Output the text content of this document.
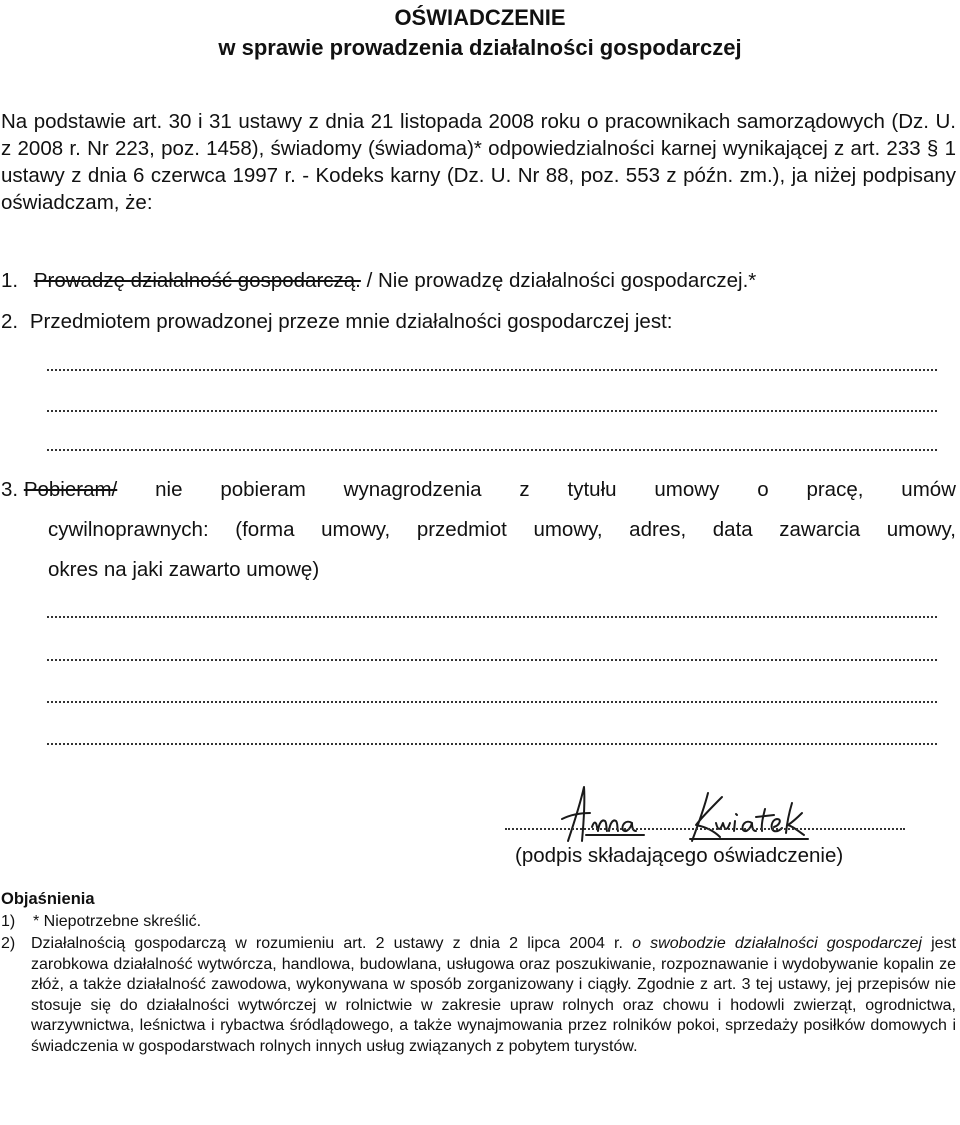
OŚWIADCZENIE
w sprawie prowadzenia działalności gospodarczej

Na podstawie art. 30 i 31 ustawy z dnia 21 listopada 2008 roku o pracownikach samorządowych (Dz. U. z 2008 r. Nr 223, poz. 1458), świadomy (świadoma)* odpowiedzialności karnej wynikającej z art. 233 § 1 ustawy z dnia 6 czerwca 1997 r. - Kodeks karny (Dz. U. Nr 88, poz. 553 z późn. zm.), ja niżej podpisany oświadczam, że:

1. Prowadzę działalność gospodarczą. / Nie prowadzę działalności gospodarczej.*
2. Przedmiotem prowadzonej przeze mnie działalności gospodarczej jest:
3. Pobieram/ nie pobieram wynagrodzenia z tytułu umowy o pracę, umów
cywilnoprawnych: (forma umowy, przedmiot umowy, adres, data zawarcia umowy,
okres na jaki zawarto umowę)
(podpis składającego oświadczenie)
Objaśnienia
1) * Niepotrzebne skreślić.
2) Działalnością gospodarczą w rozumieniu art. 2 ustawy z dnia 2 lipca 2004 r. o swobodzie działalności gospodarczej jest zarobkowa działalność wytwórcza, handlowa, budowlana, usługowa oraz poszukiwanie, rozpoznawanie i wydobywanie kopalin ze złóż, a także działalność zawodowa, wykonywana w sposób zorganizowany i ciągły. Zgodnie z art. 3 tej ustawy, jej przepisów nie stosuje się do działalności wytwórczej w rolnictwie w zakresie upraw rolnych oraz chowu i hodowli zwierząt, ogrodnictwa, warzywnictwa, leśnictwa i rybactwa śródlądowego, a także wynajmowania przez rolników pokoi, sprzedaży posiłków domowych i świadczenia w gospodarstwach rolnych innych usług związanych z pobytem turystów.
